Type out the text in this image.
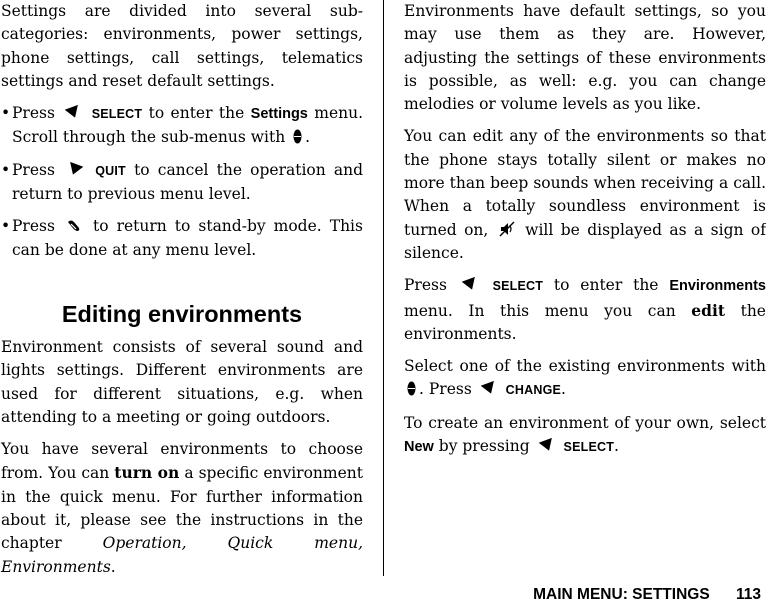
Settings are divided into several sub-categories: environments, power settings, phone settings, call settings, telematics settings and reset default settings.

• Press	SELECT to enter the Settings menu. Scroll through the sub-menus with .
• Press	QUIT to cancel the operation and return to previous menu level.
• Press to return to stand-by mode. This can be done at any menu level.
Editing environments

Environment consists of several sound and lights settings. Different environments are used for different situations, e.g. when attending to a meeting or going outdoors.

You have several environments to choose from. You can turn on a specific environment in the quick menu. For further information about it, please see the instructions in the chapter	Operation, Quick menu, Environments.

Environments have default settings, so you may use them as they are. However, adjusting the settings of these environments is possible, as well: e.g. you can change melodies or volume levels as you like.

You can edit any of the environments so that the phone stays totally silent or makes no more than beep sounds when receiving a call. When a totally soundless environment is turned on, will be displayed as a sign of silence.

Press	SELECT to enter the Environments menu. In this menu you can edit the environments.

Select one of the existing environments with . Press	CHANGE.

To create an environment of your own, select New by pressing	SELECT.

MAIN MENU: SETTINGS 113
